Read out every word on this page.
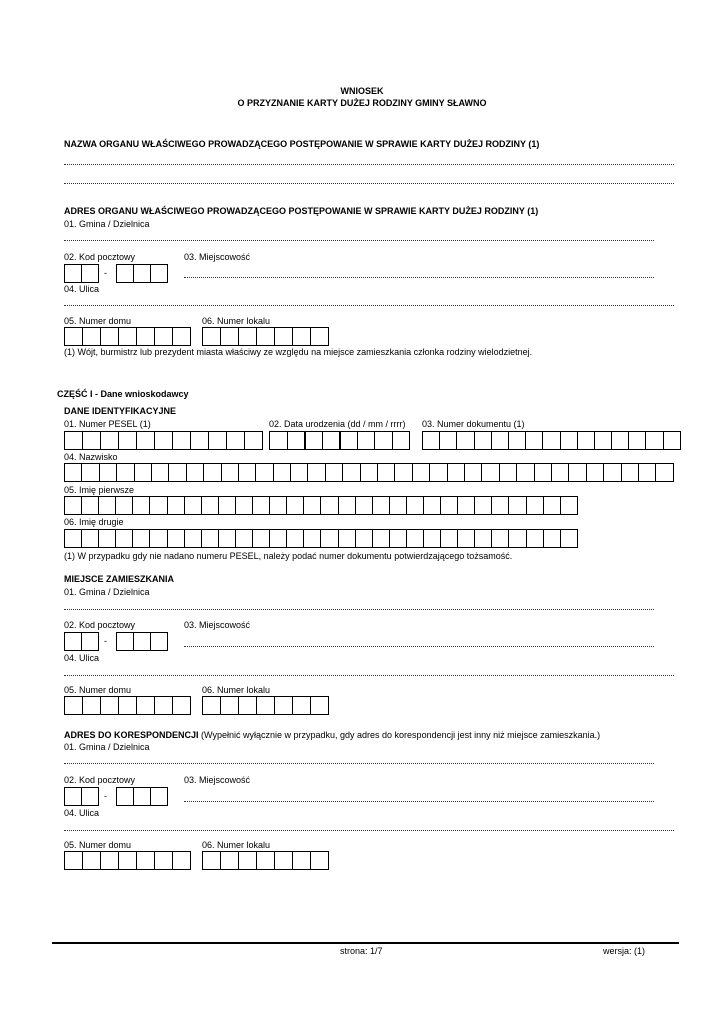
WNIOSEK
O PRZYZNANIE KARTY DUŻEJ RODZINY GMINY SŁAWNO
NAZWA ORGANU WŁAŚCIWEGO PROWADZĄCEGO POSTĘPOWANIE W SPRAWIE KARTY DUŻEJ RODZINY (1)
ADRES ORGANU WŁAŚCIWEGO PROWADZĄCEGO POSTĘPOWANIE W SPRAWIE KARTY DUŻEJ RODZINY (1)
01. Gmina / Dzielnica
02. Kod pocztowy	03. Miejscowość
-
04. Ulica
05. Numer domu	06. Numer lokalu
(1) Wójt, burmistrz lub prezydent miasta właściwy ze względu na miejsce zamieszkania członka rodziny wielodzietnej.
CZĘŚĆ I - Dane wnioskodawcy
DANE IDENTYFIKACYJNE
01. Numer PESEL (1)	02. Data urodzenia (dd / mm / rrrr) 03. Numer dokumentu (1)
04. Nazwisko
05. Imię pierwsze
06. Imię drugie
(1) W przypadku gdy nie nadano numeru PESEL, należy podać numer dokumentu potwierdzającego tożsamość.
MIEJSCE ZAMIESZKANIA
01. Gmina / Dzielnica
02. Kod pocztowy	03. Miejscowość
-
04. Ulica
05. Numer domu	06. Numer lokalu
ADRES DO KORESPONDENCJI (Wypełnić wyłącznie w przypadku, gdy adres do korespondencji jest inny niż miejsce zamieszkania.)
01. Gmina / Dzielnica
02. Kod pocztowy	03. Miejscowość
-
04. Ulica
05. Numer domu	06. Numer lokalu
strona: 1/7	wersja: (1)
